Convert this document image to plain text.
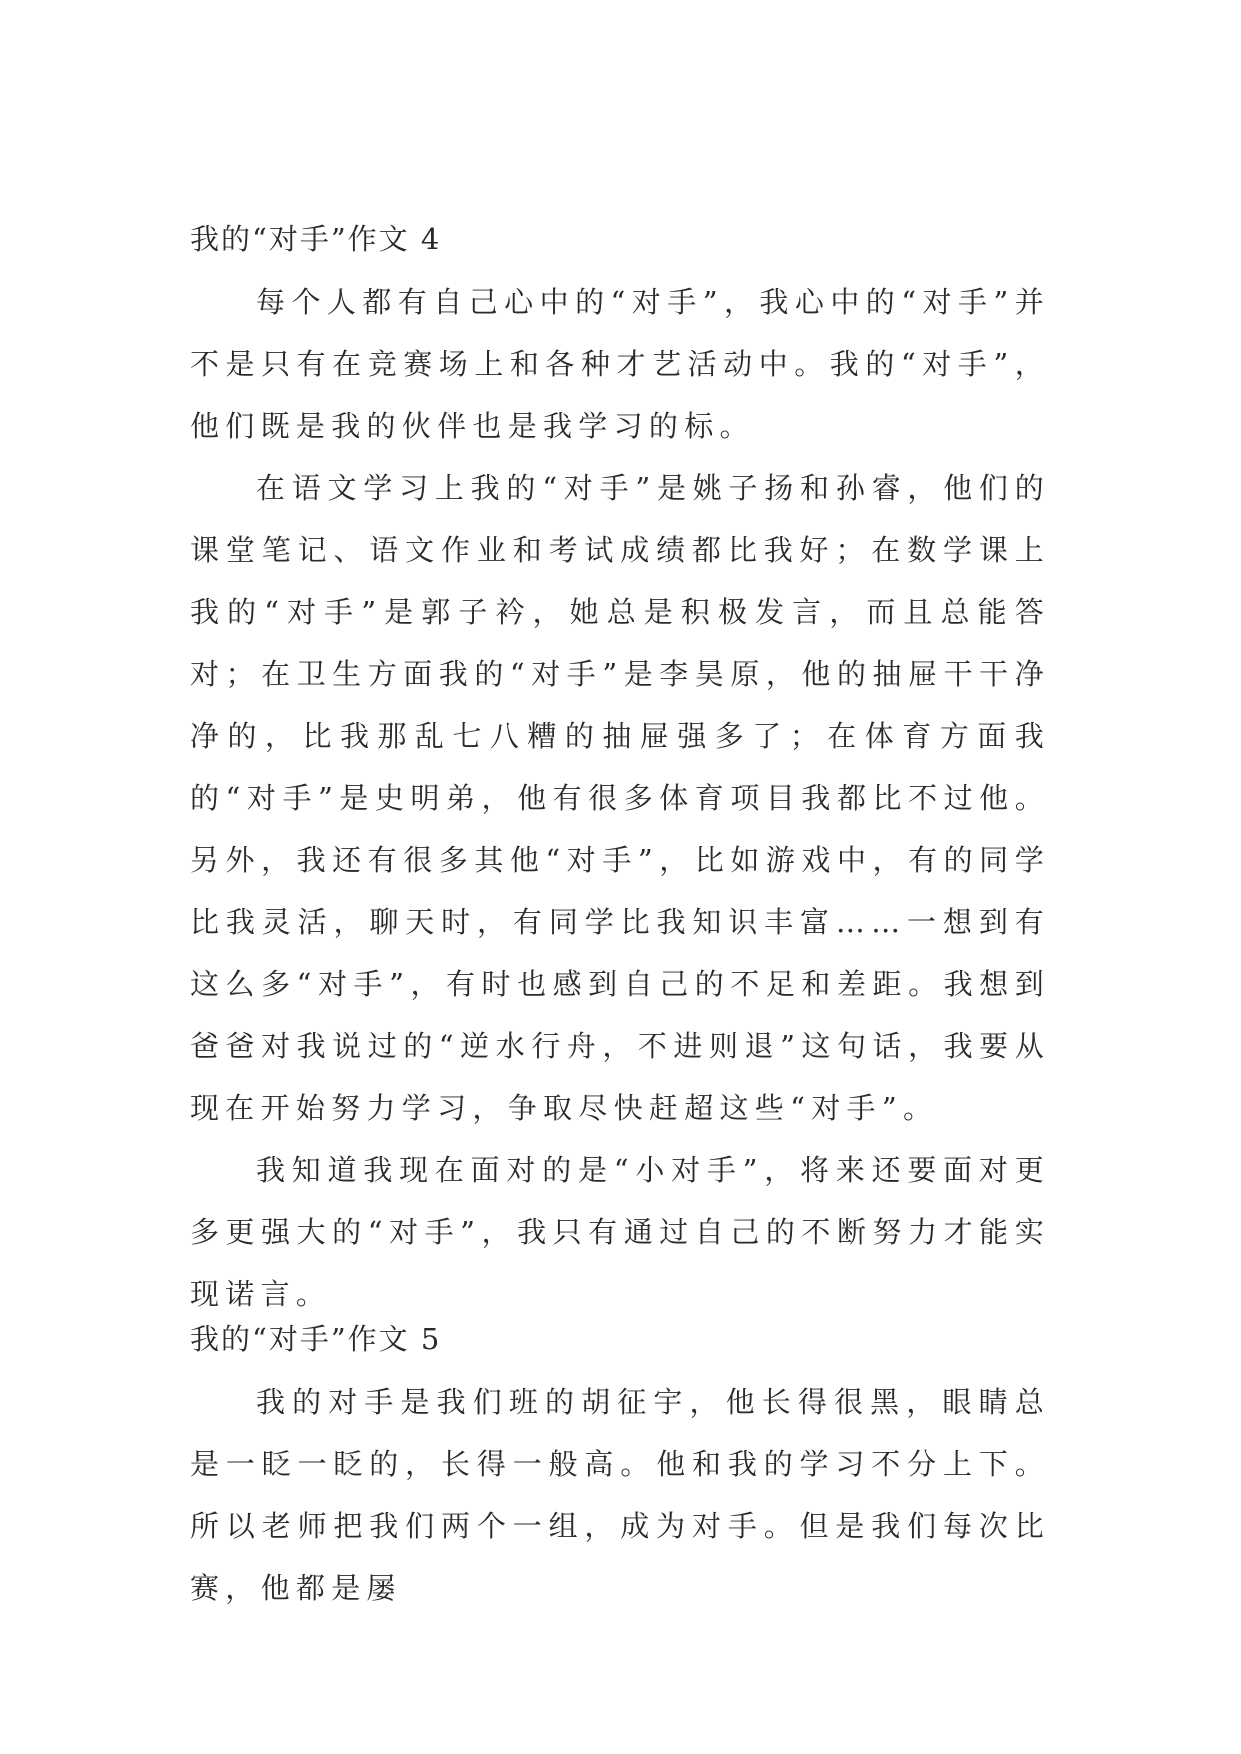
我的“对手”作文 4

每个人都有自己心中的“对手”，我心中的“对手”并不是只有在竞赛场上和各种才艺活动中。我的“对手”，他们既是我的伙伴也是我学习的标。

在语文学习上我的“对手”是姚子扬和孙睿，他们的课堂笔记、语文作业和考试成绩都比我好；在数学课上我的“对手”是郭子衿，她总是积极发言，而且总能答对；在卫生方面我的“对手”是李昊原，他的抽屉干干净净的，比我那乱七八糟的抽屉强多了；在体育方面我的“对手”是史明弟，他有很多体育项目我都比不过他。另外，我还有很多其他“对手”，比如游戏中，有的同学比我灵活，聊天时，有同学比我知识丰富……一想到有这么多“对手”，有时也感到自己的不足和差距。我想到爸爸对我说过的“逆水行舟，不进则退”这句话，我要从现在开始努力学习，争取尽快赶超这些“对手”。

我知道我现在面对的是“小对手”，将来还要面对更多更强大的“对手”，我只有通过自己的不断努力才能实现诺言。

我的“对手”作文 5

我的对手是我们班的胡征宇，他长得很黑，眼睛总是一眨一眨的，长得一般高。他和我的学习不分上下。所以老师把我们两个一组，成为对手。但是我们每次比赛，他都是屡
